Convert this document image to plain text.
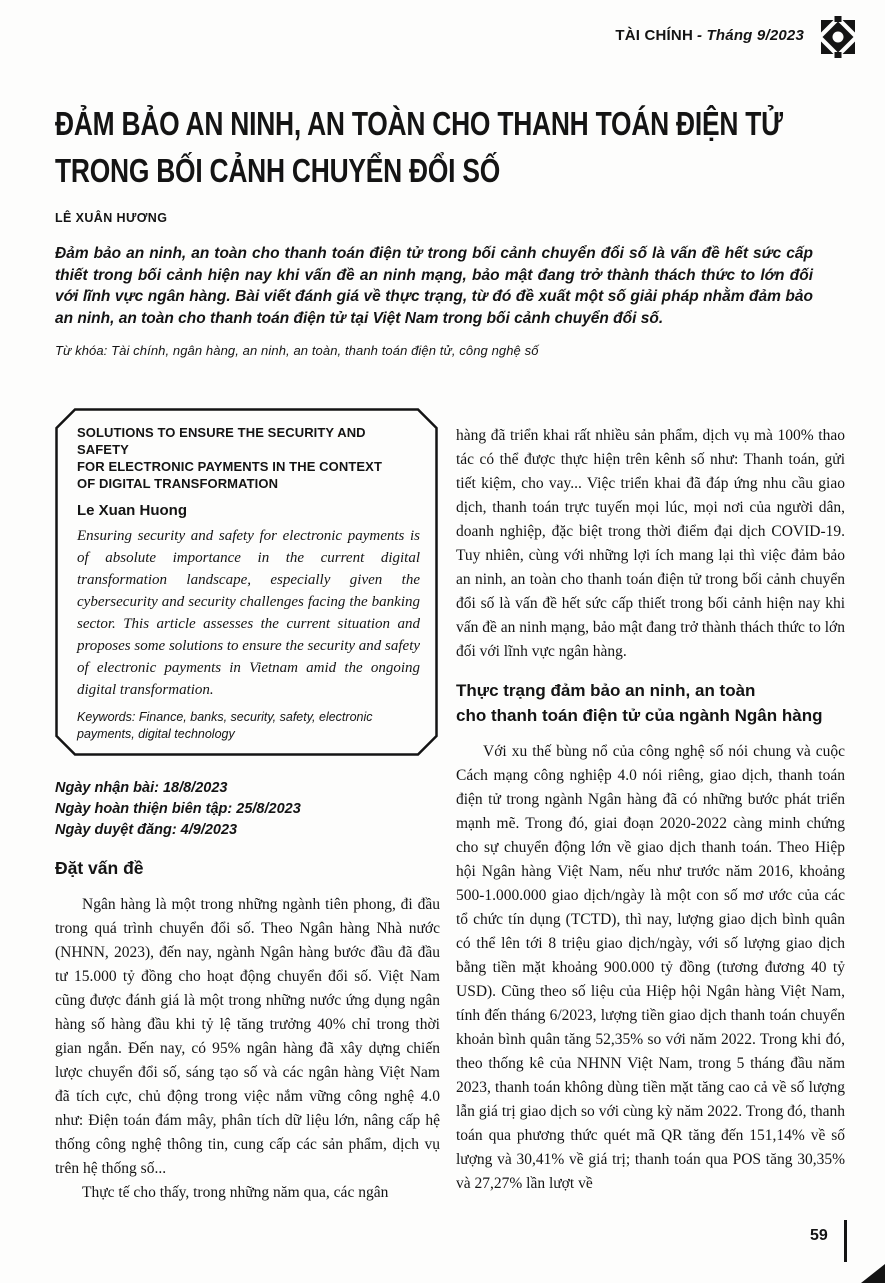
TÀI CHÍNH - Tháng 9/2023
ĐẢM BẢO AN NINH, AN TOÀN CHO THANH TOÁN ĐIỆN TỬ
TRONG BỐI CẢNH CHUYỂN ĐỔI SỐ
LÊ XUÂN HƯƠNG
Đảm bảo an ninh, an toàn cho thanh toán điện tử trong bối cảnh chuyển đổi số là vấn đề hết sức cấp thiết trong bối cảnh hiện nay khi vấn đề an ninh mạng, bảo mật đang trở thành thách thức to lớn đối với lĩnh vực ngân hàng. Bài viết đánh giá về thực trạng, từ đó đề xuất một số giải pháp nhằm đảm bảo an ninh, an toàn cho thanh toán điện tử tại Việt Nam trong bối cảnh chuyển đổi số.
Từ khóa: Tài chính, ngân hàng, an ninh, an toàn, thanh toán điện tử, công nghệ số
SOLUTIONS TO ENSURE THE SECURITY AND SAFETY
FOR ELECTRONIC PAYMENTS IN THE CONTEXT
OF DIGITAL TRANSFORMATION
Le Xuan Huong
Ensuring security and safety for electronic payments is of absolute importance in the current digital transformation landscape, especially given the cybersecurity and security challenges facing the banking sector. This article assesses the current situation and proposes some solutions to ensure the security and safety of electronic payments in Vietnam amid the ongoing digital transformation.
Keywords: Finance, banks, security, safety, electronic payments, digital technology
Ngày nhận bài: 18/8/2023
Ngày hoàn thiện biên tập: 25/8/2023
Ngày duyệt đăng: 4/9/2023
Đặt vấn đề

Ngân hàng là một trong những ngành tiên phong, đi đầu trong quá trình chuyển đổi số. Theo Ngân hàng Nhà nước (NHNN, 2023), đến nay, ngành Ngân hàng bước đầu đã đầu tư 15.000 tỷ đồng cho hoạt động chuyển đổi số. Việt Nam cũng được đánh giá là một trong những nước ứng dụng ngân hàng số hàng đầu khi tỷ lệ tăng trưởng 40% chỉ trong thời gian ngắn. Đến nay, có 95% ngân hàng đã xây dựng chiến lược chuyển đổi số, sáng tạo số và các ngân hàng Việt Nam đã tích cực, chủ động trong việc nắm vững công nghệ 4.0 như: Điện toán đám mây, phân tích dữ liệu lớn, nâng cấp hệ thống công nghệ thông tin, cung cấp các sản phẩm, dịch vụ trên hệ thống số...

Thực tế cho thấy, trong những năm qua, các ngân

hàng đã triển khai rất nhiều sản phẩm, dịch vụ mà 100% thao tác có thể được thực hiện trên kênh số như: Thanh toán, gửi tiết kiệm, cho vay... Việc triển khai đã đáp ứng nhu cầu giao dịch, thanh toán trực tuyến mọi lúc, mọi nơi của người dân, doanh nghiệp, đặc biệt trong thời điểm đại dịch COVID-19. Tuy nhiên, cùng với những lợi ích mang lại thì việc đảm bảo an ninh, an toàn cho thanh toán điện tử trong bối cảnh chuyển đổi số là vấn đề hết sức cấp thiết trong bối cảnh hiện nay khi vấn đề an ninh mạng, bảo mật đang trở thành thách thức to lớn đối với lĩnh vực ngân hàng.

Thực trạng đảm bảo an ninh, an toàn
cho thanh toán điện tử của ngành Ngân hàng

Với xu thế bùng nổ của công nghệ số nói chung và cuộc Cách mạng công nghiệp 4.0 nói riêng, giao dịch, thanh toán điện tử trong ngành Ngân hàng đã có những bước phát triển mạnh mẽ. Trong đó, giai đoạn 2020-2022 càng minh chứng cho sự chuyển động lớn về giao dịch thanh toán. Theo Hiệp hội Ngân hàng Việt Nam, nếu như trước năm 2016, khoảng 500-1.000.000 giao dịch/ngày là một con số mơ ước của các tổ chức tín dụng (TCTD), thì nay, lượng giao dịch bình quân có thể lên tới 8 triệu giao dịch/ngày, với số lượng giao dịch bằng tiền mặt khoảng 900.000 tỷ đồng (tương đương 40 tỷ USD). Cũng theo số liệu của Hiệp hội Ngân hàng Việt Nam, tính đến tháng 6/2023, lượng tiền giao dịch thanh toán chuyển khoản bình quân tăng 52,35% so với năm 2022. Trong khi đó, theo thống kê của NHNN Việt Nam, trong 5 tháng đầu năm 2023, thanh toán không dùng tiền mặt tăng cao cả về số lượng lẫn giá trị giao dịch so với cùng kỳ năm 2022. Trong đó, thanh toán qua phương thức quét mã QR tăng đến 151,14% về số lượng và 30,41% về giá trị; thanh toán qua POS tăng 30,35% và 27,27% lần lượt về

59
